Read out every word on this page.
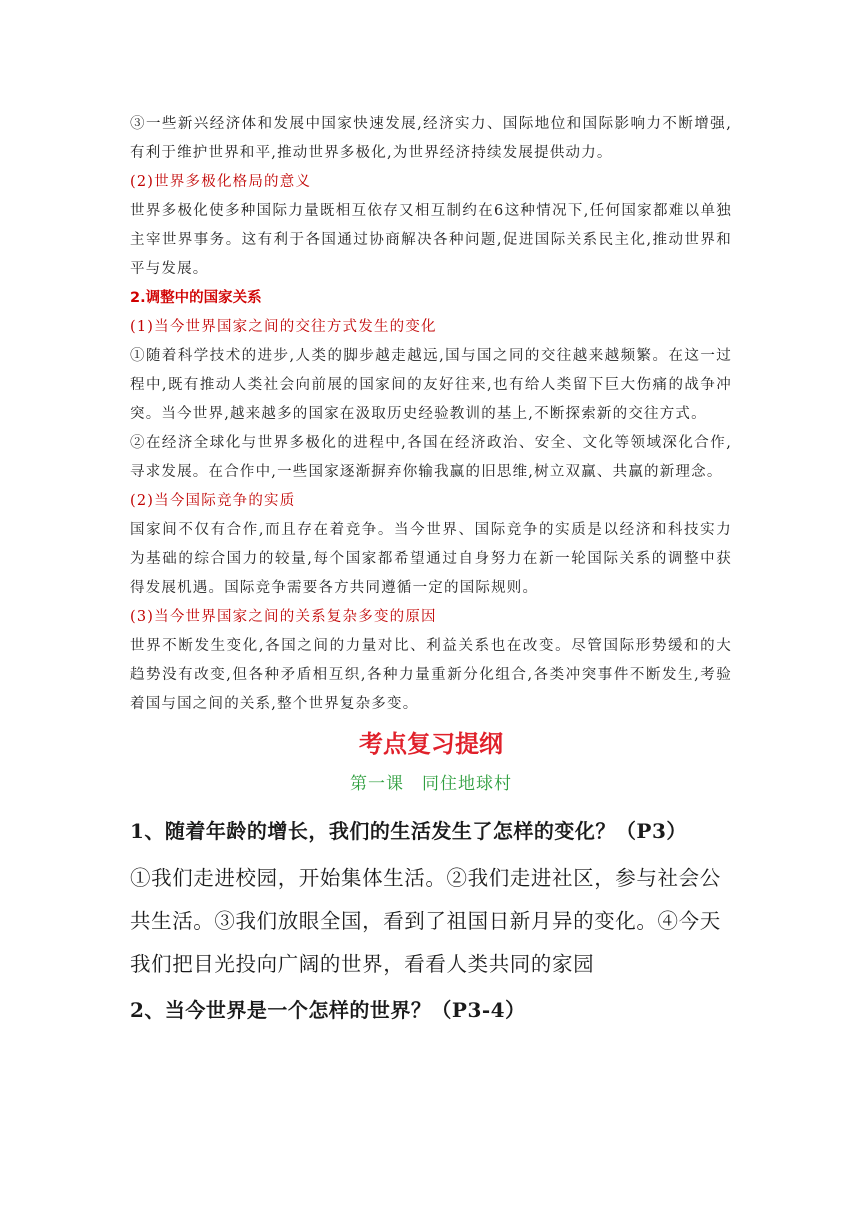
③一些新兴经济体和发展中国家快速发展,经济实力、国际地位和国际影响力不断增强,有利于维护世界和平,推动世界多极化,为世界经济持续发展提供动力。

(2)世界多极化格局的意义

世界多极化使多种国际力量既相互依存又相互制约在6这种情况下,任何国家都难以单独主宰世界事务。这有利于各国通过协商解决各种问题,促进国际关系民主化,推动世界和平与发展。

2.调整中的国家关系

(1)当今世界国家之间的交往方式发生的变化

①随着科学技术的进步,人类的脚步越走越远,国与国之同的交往越来越频繁。在这一过程中,既有推动人类社会向前展的国家间的友好往来,也有给人类留下巨大伤痛的战争冲突。当今世界,越来越多的国家在汲取历史经验教训的基上,不断探索新的交往方式。

②在经济全球化与世界多极化的进程中,各国在经济政治、安全、文化等领域深化合作,寻求发展。在合作中,一些国家逐渐摒弃你输我赢的旧思维,树立双赢、共赢的新理念。

(2)当今国际竞争的实质

国家间不仅有合作,而且存在着竞争。当今世界、国际竞争的实质是以经济和科技实力为基础的综合国力的较量,每个国家都希望通过自身努力在新一轮国际关系的调整中获得发展机遇。国际竞争需要各方共同遵循一定的国际规则。

(3)当今世界国家之间的关系复杂多变的原因

世界不断发生变化,各国之间的力量对比、利益关系也在改变。尽管国际形势缓和的大趋势没有改变,但各种矛盾相互织,各种力量重新分化组合,各类冲突事件不断发生,考验着国与国之间的关系,整个世界复杂多变。

考点复习提纲
第一课　同住地球村

1、随着年龄的增长，我们的生活发生了怎样的变化？（P3）

①我们走进校园，开始集体生活。②我们走进社区，参与社会公共生活。③我们放眼全国，看到了祖国日新月异的变化。④今天我们把目光投向广阔的世界，看看人类共同的家园

2、当今世界是一个怎样的世界？（P3-4）
